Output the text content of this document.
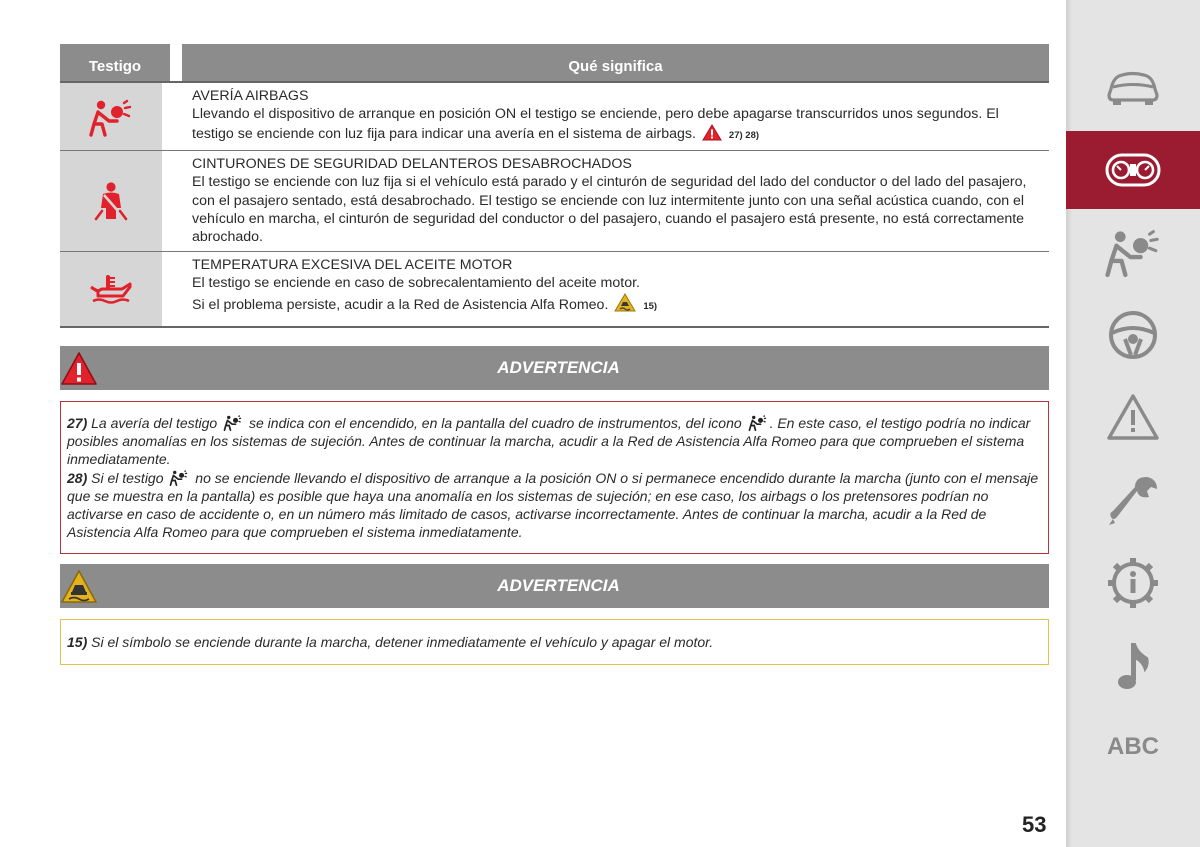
Testigo	Qué significa
AVERÍA AIRBAGS
Llevando el dispositivo de arranque en posición ON el testigo se enciende, pero debe apagarse transcurridos unos segundos. El testigo se enciende con luz fija para indicar una avería en el sistema de airbags.	27) 28)
CINTURONES DE SEGURIDAD DELANTEROS DESABROCHADOS
El testigo se enciende con luz fija si el vehículo está parado y el cinturón de seguridad del lado del conductor o del lado del pasajero, con el pasajero sentado, está desabrochado. El testigo se enciende con luz intermitente junto con una señal acústica cuando, con el vehículo en marcha, el cinturón de seguridad del conductor o del pasajero, cuando el pasajero está presente, no está correctamente abrochado.
TEMPERATURA EXCESIVA DEL ACEITE MOTOR
El testigo se enciende en caso de sobrecalentamiento del aceite motor.
Si el problema persiste, acudir a la Red de Asistencia Alfa Romeo.	15)
ADVERTENCIA

27) La avería del testigo se indica con el encendido, en la pantalla del cuadro de instrumentos, del icono . En este caso, el testigo podría no indicar posibles anomalías en los sistemas de sujeción. Antes de continuar la marcha, acudir a la Red de Asistencia Alfa Romeo para que comprueben el sistema inmediatamente.

28) Si el testigo no se enciende llevando el dispositivo de arranque a la posición ON o si permanece encendido durante la marcha (junto con el mensaje que se muestra en la pantalla) es posible que haya una anomalía en los sistemas de sujeción; en ese caso, los airbags o los pretensores podrían no activarse en caso de accidente o, en un número más limitado de casos, activarse incorrectamente. Antes de continuar la marcha, acudir a la Red de Asistencia Alfa Romeo para que comprueben el sistema inmediatamente.

ADVERTENCIA

15) Si el símbolo se enciende durante la marcha, detener inmediatamente el vehículo y apagar el motor.

ABC
53
